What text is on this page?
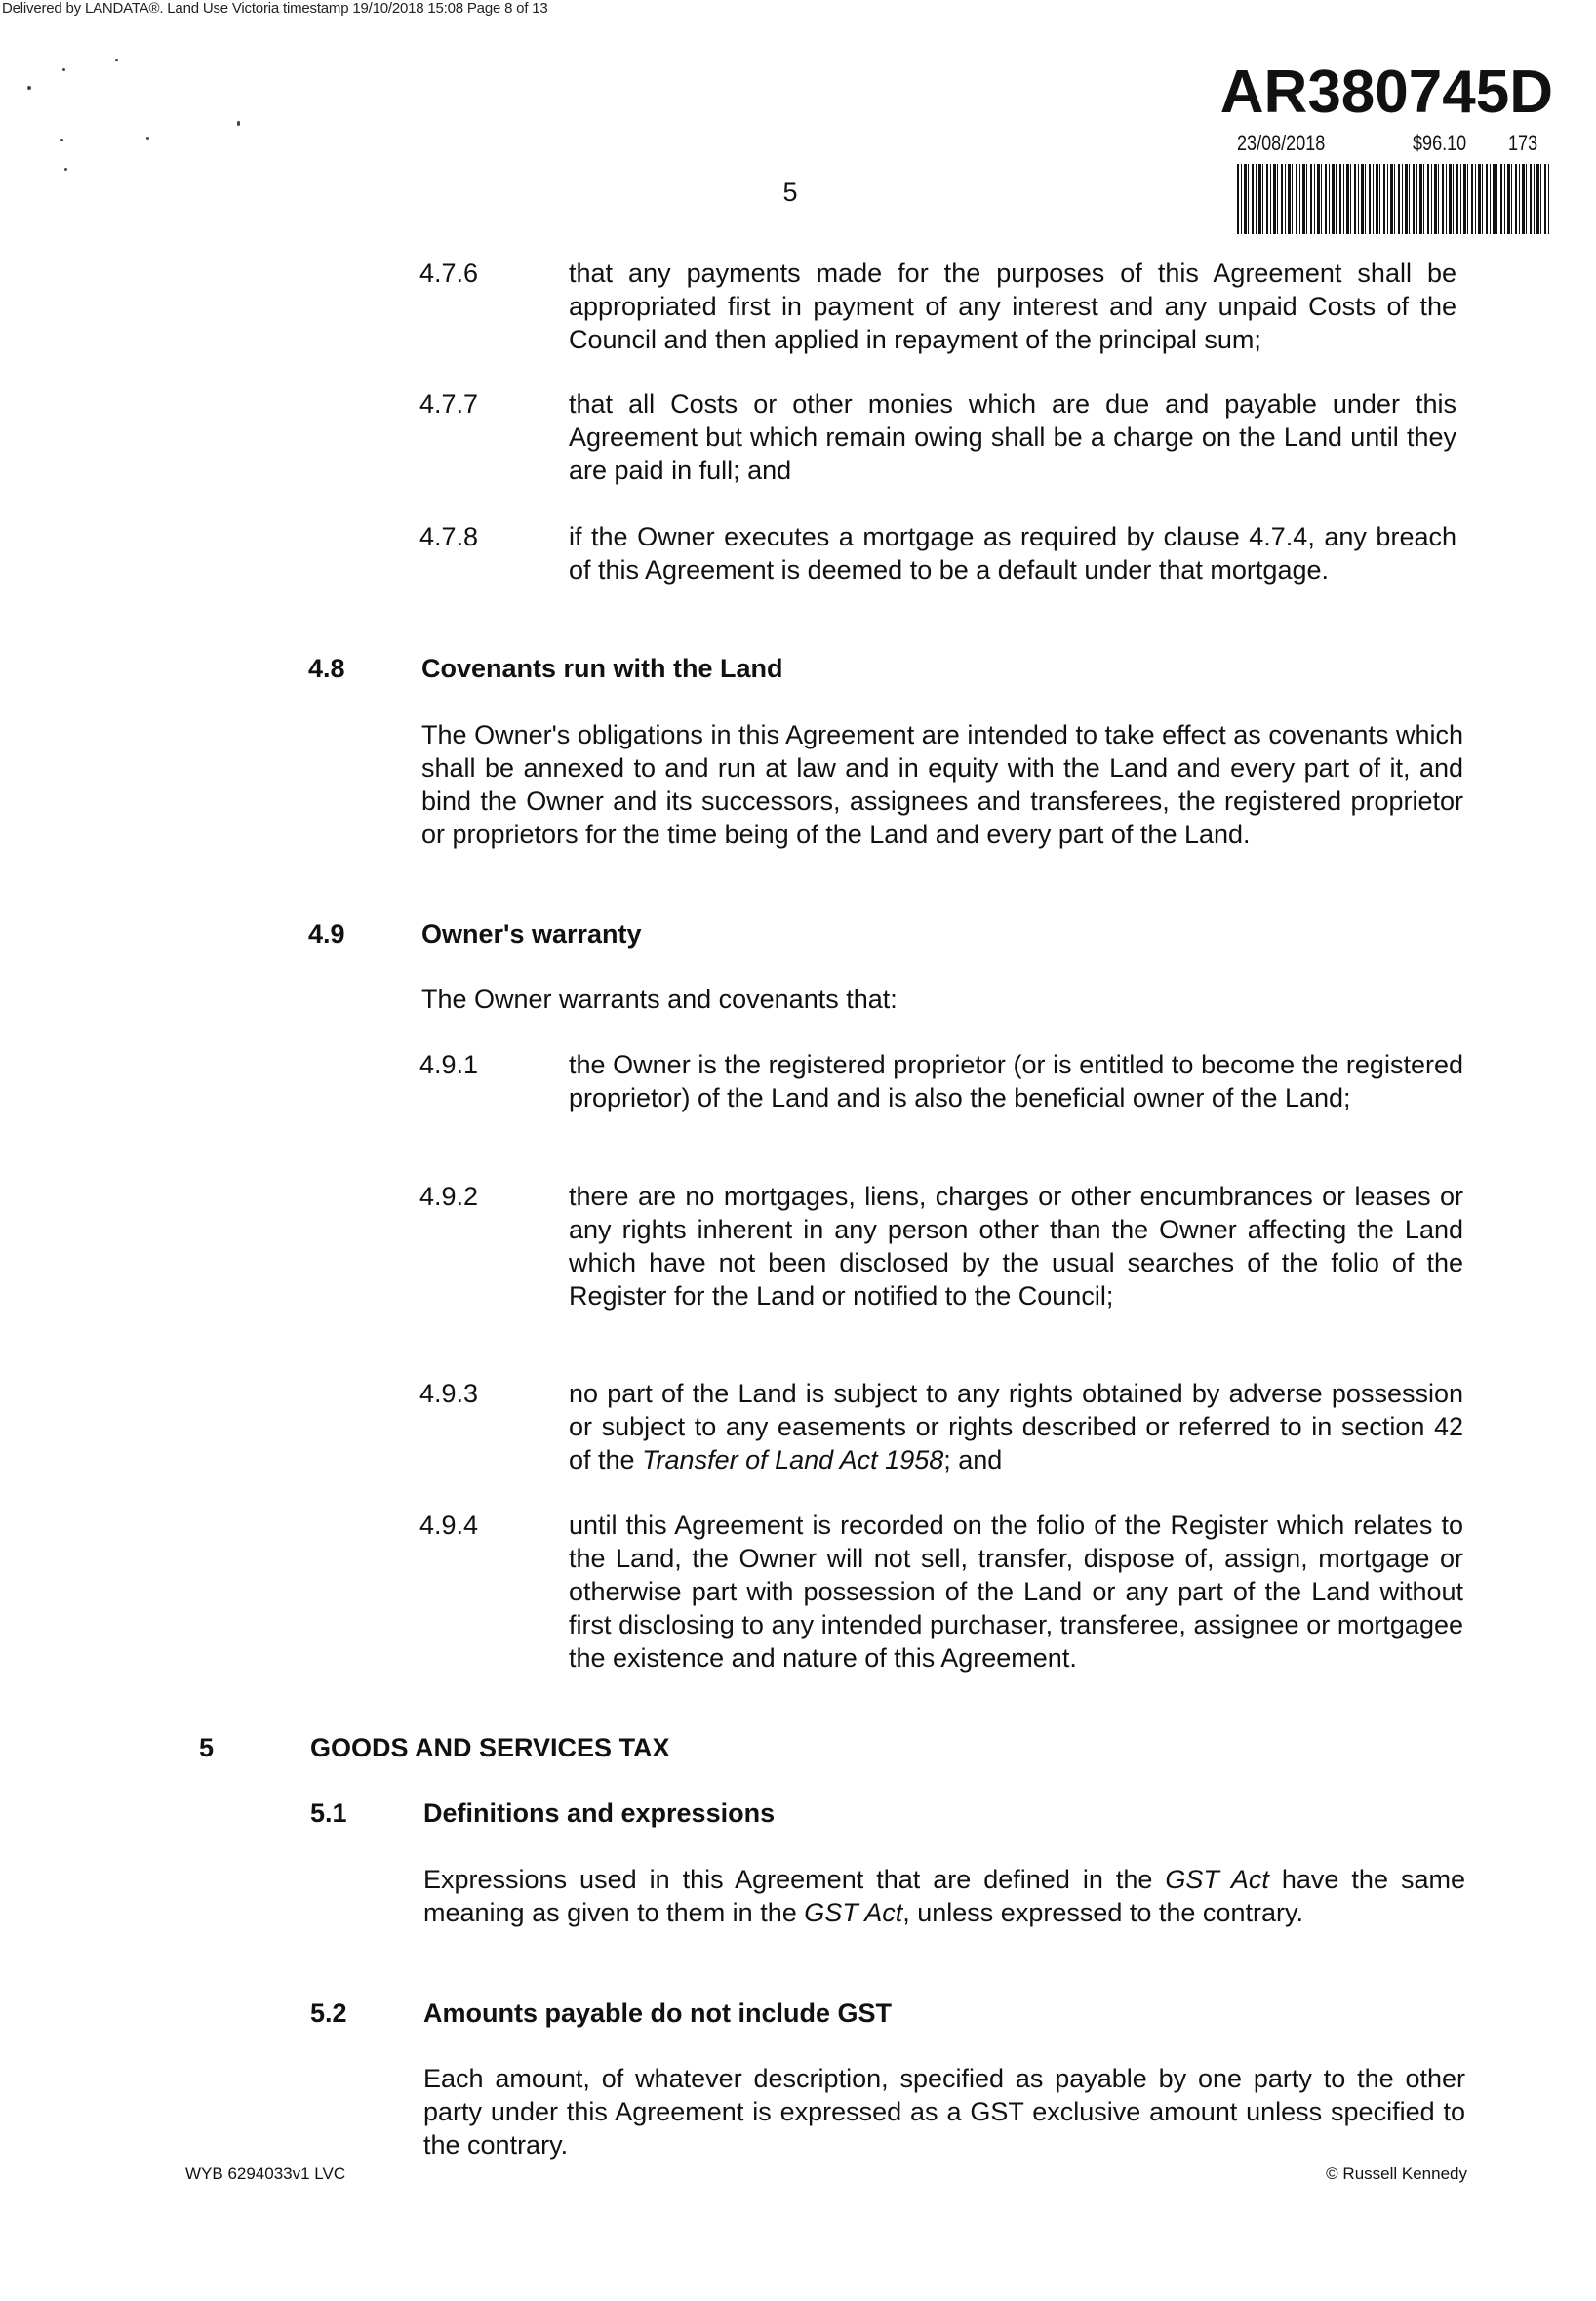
Delivered by LANDATA®. Land Use Victoria timestamp 19/10/2018 15:08 Page 8 of 13
AR380745D
23/08/2018	$96.10 173
5
4.7.6	that any payments made for the purposes of this Agreement shall be appropriated first in payment of any interest and any unpaid Costs of the Council and then applied in repayment of the principal sum;
4.7.7	that all Costs or other monies which are due and payable under this Agreement but which remain owing shall be a charge on the Land until they are paid in full; and
4.7.8	if the Owner executes a mortgage as required by clause 4.7.4, any breach of this Agreement is deemed to be a default under that mortgage.
4.8	Covenants run with the Land
The Owner's obligations in this Agreement are intended to take effect as covenants which shall be annexed to and run at law and in equity with the Land and every part of it, and bind the Owner and its successors, assignees and transferees, the registered proprietor or proprietors for the time being of the Land and every part of the Land.
4.9	Owner's warranty
The Owner warrants and covenants that:
4.9.1	the Owner is the registered proprietor (or is entitled to become the registered proprietor) of the Land and is also the beneficial owner of the Land;
4.9.2	there are no mortgages, liens, charges or other encumbrances or leases or any rights inherent in any person other than the Owner affecting the Land which have not been disclosed by the usual searches of the folio of the Register for the Land or notified to the Council;
4.9.3	no part of the Land is subject to any rights obtained by adverse possession or subject to any easements or rights described or referred to in section 42 of the Transfer of Land Act 1958; and
4.9.4	until this Agreement is recorded on the folio of the Register which relates to the Land, the Owner will not sell, transfer, dispose of, assign, mortgage or otherwise part with possession of the Land or any part of the Land without first disclosing to any intended purchaser, transferee, assignee or mortgagee the existence and nature of this Agreement.
5	GOODS AND SERVICES TAX
5.1	Definitions and expressions
Expressions used in this Agreement that are defined in the GST Act have the same meaning as given to them in the GST Act, unless expressed to the contrary.
5.2	Amounts payable do not include GST
Each amount, of whatever description, specified as payable by one party to the other party under this Agreement is expressed as a GST exclusive amount unless specified to the contrary.
WYB 6294033v1 LVC	© Russell Kennedy
